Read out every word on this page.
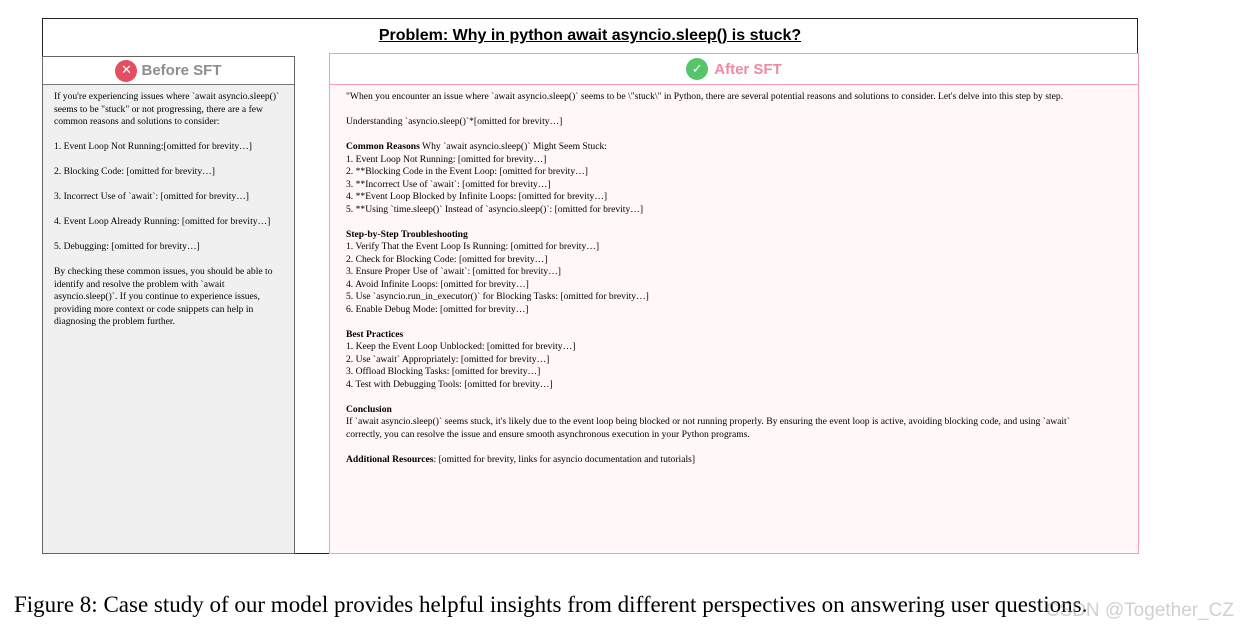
Problem: Why in python await asyncio.sleep() is stuck?
✕ Before SFT

If you're experiencing issues where `await asyncio.sleep()` seems to be "stuck" or not progressing, there are a few common reasons and solutions to consider:

1. Event Loop Not Running:[omitted for brevity…]

2. Blocking Code: [omitted for brevity…]

3. Incorrect Use of `await`: [omitted for brevity…]

4. Event Loop Already Running: [omitted for brevity…]

5. Debugging: [omitted for brevity…]

By checking these common issues, you should be able to identify and resolve the problem with `await asyncio.sleep()`. If you continue to experience issues, providing more context or code snippets can help in diagnosing the problem further.

✓ After SFT

"When you encounter an issue where `await asyncio.sleep()` seems to be \"stuck\" in Python, there are several potential reasons and solutions to consider. Let's delve into this step by step.

Understanding `asyncio.sleep()`*[omitted for brevity…]

Common Reasons Why `await asyncio.sleep()` Might Seem Stuck:
1. Event Loop Not Running: [omitted for brevity…]
2. **Blocking Code in the Event Loop: [omitted for brevity…]
3. **Incorrect Use of `await`: [omitted for brevity…]
4. **Event Loop Blocked by Infinite Loops: [omitted for brevity…]
5. **Using `time.sleep()` Instead of `asyncio.sleep()`: [omitted for brevity…]
Step-by-Step Troubleshooting
1. Verify That the Event Loop Is Running: [omitted for brevity…]
2. Check for Blocking Code: [omitted for brevity…]
3. Ensure Proper Use of `await`: [omitted for brevity…]
4. Avoid Infinite Loops: [omitted for brevity…]
5. Use `asyncio.run_in_executor()` for Blocking Tasks: [omitted for brevity…]
6. Enable Debug Mode: [omitted for brevity…]
Best Practices
1. Keep the Event Loop Unblocked: [omitted for brevity…]
2. Use `await` Appropriately: [omitted for brevity…]
3. Offload Blocking Tasks: [omitted for brevity…]
4. Test with Debugging Tools: [omitted for brevity…]
Conclusion
If `await asyncio.sleep()` seems stuck, it's likely due to the event loop being blocked or not running properly. By ensuring the event loop is active, avoiding blocking code, and using `await`
correctly, you can resolve the issue and ensure smooth asynchronous execution in your Python programs.
Additional Resources: [omitted for brevity, links for asyncio documentation and tutorials]
Figure 8: Case study of our model provides helpful insights from different perspectives on answering user questions.
CSDN @Together_CZ
